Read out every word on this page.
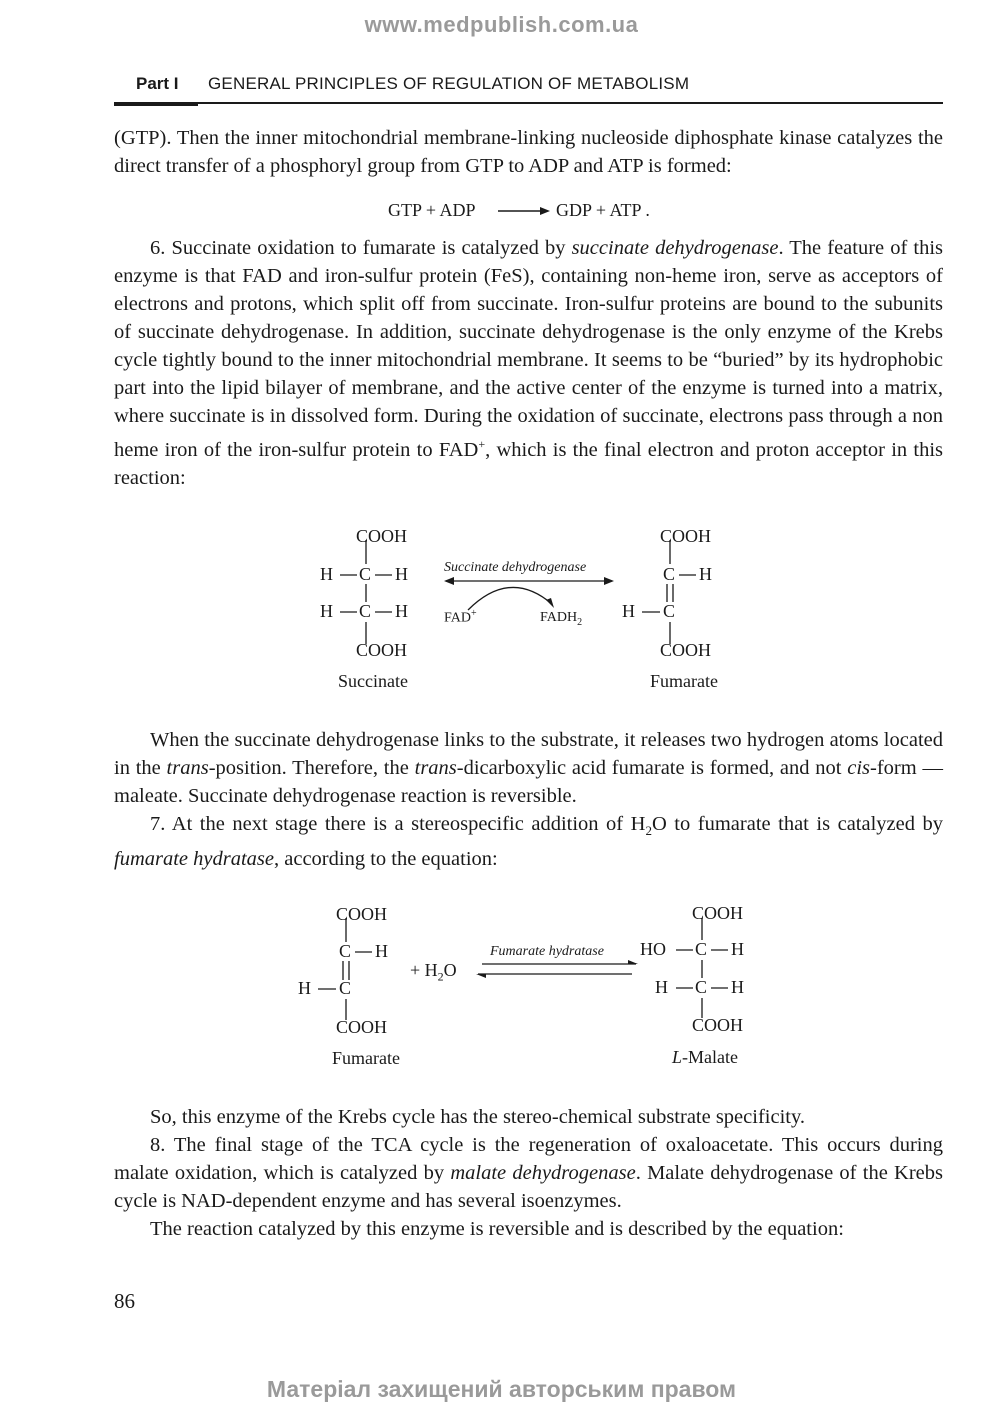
www.medpublish.com.ua
Part I GENERAL PRINCIPLES OF REGULATION OF METABOLISM

(GTP). Then the inner mitochondrial membrane-linking nucleoside diphosphate kinase catalyzes the direct transfer of a phosphoryl group from GTP to ADP and ATP is formed:

GTP + ADP	GDP + ATP .

6. Succinate oxidation to fumarate is catalyzed by succinate dehydrogenase. The feature of this enzyme is that FAD and iron-sulfur protein (FeS), containing non-heme iron, serve as acceptors of electrons and protons, which split off from succinate. Iron-sulfur proteins are bound to the subunits of succinate dehydrogenase. In addition, succinate dehydrogenase is the only enzyme of the Krebs cycle tightly bound to the inner mitochondrial membrane. It seems to be “buried” by its hydrophobic part into the lipid bilayer of membrane, and the active center of the enzyme is turned into a matrix, where succinate is in dissolved form. During the oxidation of succinate, electrons pass through a non heme iron of the iron-sulfur protein to FAD+, which is the final electron and proton acceptor in this reaction:

COOH
H C H
H C H
COOH
Succinate
Succinate dehydrogenase
FAD+	$FADH_2$
COOH
C H
H C
COOH
Fumarate

When the succinate dehydrogenase links to the substrate, it releases two hydrogen atoms located in the trans-position. Therefore, the trans-dicarboxylic acid fumarate is formed, and not cis-form — maleate. Succinate dehydrogenase reaction is reversible.

7. At the next stage there is a stereospecific addition of $H_2O$ to fumarate that is catalyzed by fumarate hydratase, according to the equation:

COOH
C H
H C
COOH
Fumarate
+ $H_2O$
Fumarate hydratase
COOH
HO C H
H C H
COOH
L-Malate

So, this enzyme of the Krebs cycle has the stereo-chemical substrate specificity.

8. The final stage of the TCA cycle is the regeneration of oxaloacetate. This occurs during malate oxidation, which is catalyzed by malate dehydrogenase. Malate dehydrogenase of the Krebs cycle is NAD-dependent enzyme and has several isoenzymes.

The reaction catalyzed by this enzyme is reversible and is described by the equation:

86
Матеріал захищений авторським правом
